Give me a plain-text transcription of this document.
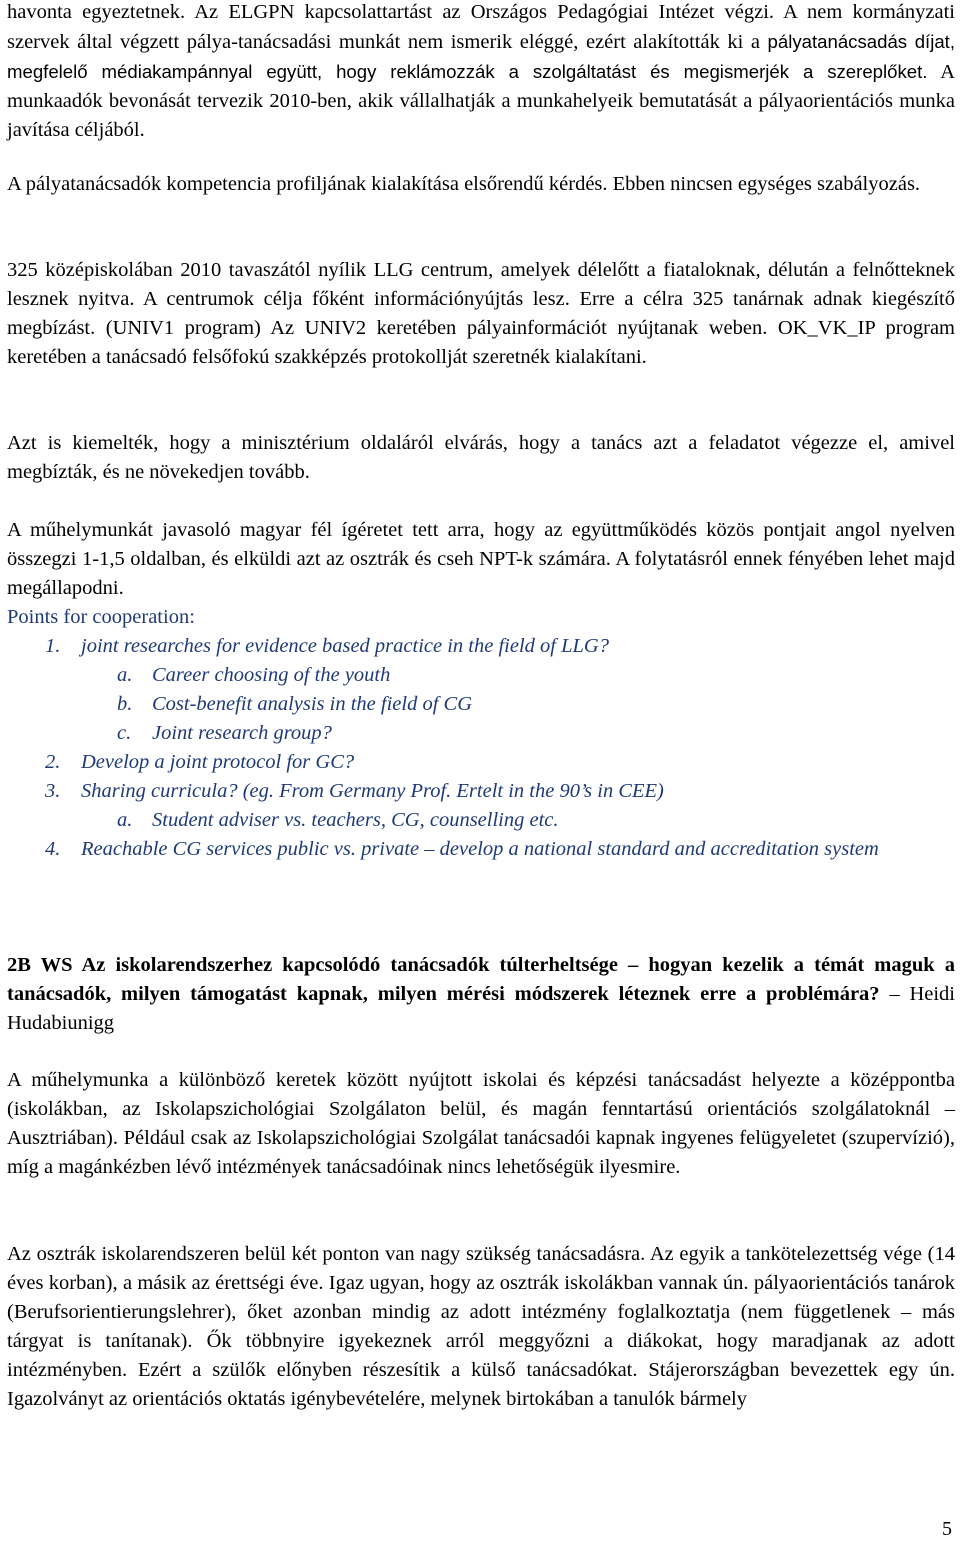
havonta egyeztetnek. Az ELGPN kapcsolattartást az Országos Pedagógiai Intézet végzi. A nem kormányzati szervek által végzett pálya-tanácsadási munkát nem ismerik eléggé, ezért alakították ki a pályatanácsadás díjat, megfelelő médiakampánnyal együtt, hogy reklámozzák a szolgáltatást és megismerjék a szereplőket. A munkaadók bevonását tervezik 2010-ben, akik vállalhatják a munkahelyeik bemutatását a pályaorientációs munka javítása céljából.

A pályatanácsadók kompetencia profiljának kialakítása elsőrendű kérdés. Ebben nincsen egységes szabályozás.

325 középiskolában 2010 tavaszától nyílik LLG centrum, amelyek délelőtt a fiataloknak, délután a felnőtteknek lesznek nyitva. A centrumok célja főként információnyújtás lesz. Erre a célra 325 tanárnak adnak kiegészítő megbízást. (UNIV1 program) Az UNIV2 keretében pályainformációt nyújtanak weben. OK_VK_IP program keretében a tanácsadó felsőfokú szakképzés protokollját szeretnék kialakítani.

Azt is kiemelték, hogy a minisztérium oldaláról elvárás, hogy a tanács azt a feladatot végezze el, amivel megbízták, és ne növekedjen tovább.

A műhelymunkát javasoló magyar fél ígéretet tett arra, hogy az együttműködés közös pontjait angol nyelven összegzi 1-1,5 oldalban, és elküldi azt az osztrák és cseh NPT-k számára. A folytatásról ennek fényében lehet majd megállapodni.

Points for cooperation:
1. joint researches for evidence based practice in the field of LLG?
a. Career choosing of the youth
b. Cost-benefit analysis in the field of CG
c. Joint research group?
2. Develop a joint protocol for GC?
3. Sharing curricula? (eg. From Germany Prof. Ertelt in the 90’s in CEE)
a. Student adviser vs. teachers, CG, counselling etc.
4. Reachable CG services public vs. private – develop a national standard and accreditation system

2B WS Az iskolarendszerhez kapcsolódó tanácsadók túlterheltsége – hogyan kezelik a témát maguk a tanácsadók, milyen támogatást kapnak, milyen mérési módszerek léteznek erre a problémára? – Heidi Hudabiunigg

A műhelymunka a különböző keretek között nyújtott iskolai és képzési tanácsadást helyezte a középpontba (iskolákban, az Iskolapszichológiai Szolgálaton belül, és magán fenntartású orientációs szolgálatoknál – Ausztriában). Például csak az Iskolapszichológiai Szolgálat tanácsadói kapnak ingyenes felügyeletet (szupervízió), míg a magánkézben lévő intézmények tanácsadóinak nincs lehetőségük ilyesmire.

Az osztrák iskolarendszeren belül két ponton van nagy szükség tanácsadásra. Az egyik a tankötelezettség vége (14 éves korban), a másik az érettségi éve. Igaz ugyan, hogy az osztrák iskolákban vannak ún. pályaorientációs tanárok (Berufsorientierungslehrer), őket azonban mindig az adott intézmény foglalkoztatja (nem függetlenek – más tárgyat is tanítanak). Ők többnyire igyekeznek arról meggyőzni a diákokat, hogy maradjanak az adott intézményben. Ezért a szülők előnyben részesítik a külső tanácsadókat. Stájerországban bevezettek egy ún. Igazolványt az orientációs oktatás igénybevételére, melynek birtokában a tanulók bármely

5
